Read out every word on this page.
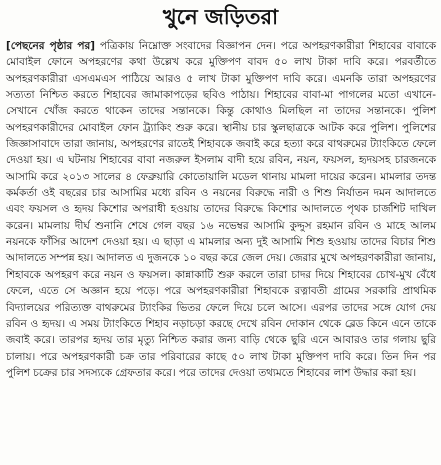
খুনে জড়িতরা

[পেছনের পৃষ্ঠার পর] পত্রিকায় নিম্নোক্ত সংবাদের বিজ্ঞাপন দেন। পরে অপহরণকারীরা শিহাবের বাবাকে মোবাইল ফোনে অপহরণের কথা উল্লেখ করে মুক্তিপণ বাবদ ৫০ লাখ টাকা দাবি করে। পরবর্তীতে অপহরণকারীরা এসএমএস পাঠিয়ে আরও ৫ লাখ টাকা মুক্তিপণ দাবি করে। এমনকি তারা অপহরণের সত্যতা নিশ্চিত করতে শিহাবের জামাকাপড়ের ছবিও পাঠায়। শিহাবের বাবা-মা পাগলের মতো এখানে-সেখানে খোঁজ করতে থাকেন তাদের সন্তানকে। কিন্তু কোথাও মিলছিল না তাদের সন্তানকে। পুলিশ অপহরণকারীদের মোবাইল ফোন ট্র্যাকিং শুরু করে। স্থানীয় চার স্কুলছাত্রকে আটক করে পুলিশ। পুলিশের জিজ্ঞাসাবাদে তারা জানায়, অপহরণের রাতেই শিহাবকে জবাই করে হত্যা করে বাথরুমের ট্যাংকিতে ফেলে দেওয়া হয়। এ ঘটনায় শিহাবের বাবা নজরুল ইসলাম বাদী হয়ে রবিন, নয়ন, ফয়সল, হৃদয়সহ চারজনকে আসামি করে ২০১৩ সালের ৪ ফেব্রুয়ারি কোতোয়ালি মডেল থানায় মামলা দায়ের করেন। মামলার তদন্ত কর্মকর্তা ওই বছরের চার আসামির মধ্যে রবিন ও নয়নের বিরুদ্ধে নারী ও শিশু নির্যাতন দমন আদালতে এবং ফয়সল ও হৃদয় কিশোর অপরাধী হওয়ায় তাদের বিরুদ্ধে কিশোর আদালতে পৃথক চার্জশিট দাখিল করেন। মামলায় দীর্ঘ শুনানি শেষে গেল বছর ১৬ নভেম্বর আসামি কুদ্দুস রহমান রবিন ও মাহে আলম নয়নকে ফাঁসির আদেশ দেওয়া হয়। এ ছাড়া এ মামলার অন্য দুই আসামি শিশু হওয়ায় তাদের বিচার শিশু আদালতে সম্পন্ন হয়। আদালত এ দুজনকে ১০ বছর করে জেল দেয়। জেরার মুখে অপহরণকারীরা জানায়, শিহাবকে অপহরণ করে নয়ন ও ফয়সল। কান্নাকাটি শুরু করলে তারা চাদর দিয়ে শিহাবের চোখ-মুখ বেঁধে ফেলে, এতে সে অজ্ঞান হয়ে পড়ে। পরে অপহরণকারীরা শিহাবকে রত্নাবতী গ্রামের সরকারি প্রাথমিক বিদ্যালয়ের পরিত্যক্ত বাথরুমের ট্যাংকির ভিতর ফেলে দিয়ে চলে আসে। এরপর তাদের সঙ্গে যোগ দেয় রবিন ও হৃদয়। এ সময় ট্যাংকিতে শিহাব নড়াচড়া করছে দেখে রবিন দোকান থেকে ব্লেড কিনে এনে তাকে জবাই করে। তারপর হৃদয় তার মৃত্যু নিশ্চিত করার জন্য বাড়ি থেকে ছুরি এনে আবারও তার গলায় ছুরি চালায়। পরে অপহরণকারী চক্র তার পরিবারের কাছে ৫০ লাখ টাকা মুক্তিপণ দাবি করে। তিন দিন পর পুলিশ চক্রের চার সদস্যকে গ্রেফতার করে। পরে তাদের দেওয়া তথ্যমতে শিহাবের লাশ উদ্ধার করা হয়।
